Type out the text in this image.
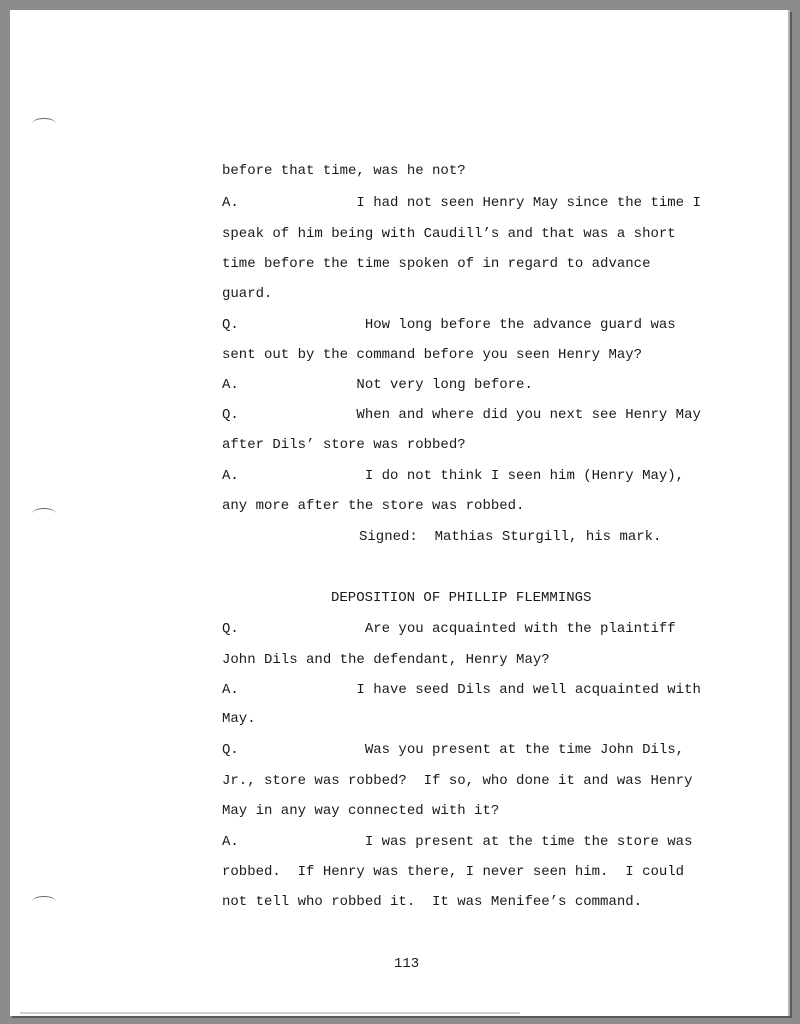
before that time, was he not?
A.              I had not seen Henry May since the time I
speak of him being with Caudill’s and that was a short
time before the time spoken of in regard to advance
guard.
Q.               How long before the advance guard was
sent out by the command before you seen Henry May?
A.              Not very long before.
Q.              When and where did you next see Henry May
after Dils’ store was robbed?
A.               I do not think I seen him (Henry May),
any more after the store was robbed.
Signed:  Mathias Sturgill, his mark.
DEPOSITION OF PHILLIP FLEMMINGS
Q.               Are you acquainted with the plaintiff
John Dils and the defendant, Henry May?
A.              I have seed Dils and well acquainted with
May.
Q.               Was you present at the time John Dils,
Jr., store was robbed?  If so, who done it and was Henry
May in any way connected with it?
A.               I was present at the time the store was
robbed.  If Henry was there, I never seen him.  I could
not tell who robbed it.  It was Menifee’s command.
113
